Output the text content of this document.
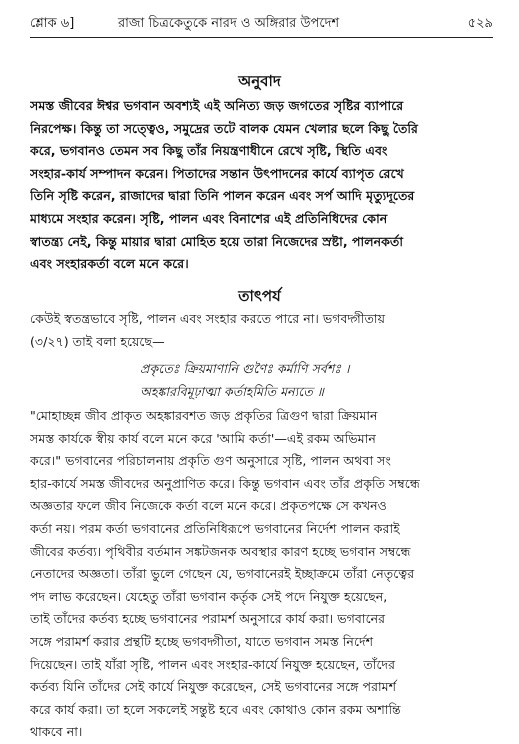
শ্লোক ৬]	রাজা চিত্রকেতুকে নারদ ও অঙ্গিরার উপদেশ	৫২৯
অনুবাদ

সমস্ত জীবের ঈশ্বর ভগবান অবশ্যই এই অনিত্য জড় জগতের সৃষ্টির ব্যাপারে
নিরপেক্ষ। কিন্তু তা সত্ত্বেও, সমুদ্রের তটে বালক যেমন খেলার ছলে কিছু তৈরি
করে, ভগবানও তেমন সব কিছু তাঁর নিয়ন্ত্রণাধীনে রেখে সৃষ্টি, স্থিতি এবং
সংহার-কার্য সম্পাদন করেন। পিতাদের সন্তান উৎপাদনের কার্যে ব্যাপৃত রেখে
তিনি সৃষ্টি করেন, রাজাদের দ্বারা তিনি পালন করেন এবং সর্প আদি মৃত্যুদূতের
মাধ্যমে সংহার করেন। সৃষ্টি, পালন এবং বিনাশের এই প্রতিনিধিদের কোন
স্বাতন্ত্র্য নেই, কিন্তু মায়ার দ্বারা মোহিত হয়ে তারা নিজেদের স্রষ্টা, পালনকর্তা
এবং সংহারকর্তা বলে মনে করে।

তাৎপর্য

কেউই স্বতন্ত্রভাবে সৃষ্টি, পালন এবং সংহার করতে পারে না। ভগবদ্গীতায়
(৩/২৭) তাই বলা হয়েছে—

প্রকৃতেঃ ক্রিয়মাণানি গুণৈঃ কর্মাণি সর্বশঃ ।
অহঙ্কারবিমূঢ়াত্মা কর্তাহমিতি মন্যতে ॥

"মোহাচ্ছন্ন জীব প্রাকৃত অহঙ্কারবশত জড় প্রকৃতির ত্রিগুণ দ্বারা ক্রিয়মান
সমস্ত কার্যকে স্বীয় কার্য বলে মনে করে 'আমি কর্তা'—এই রকম অভিমান
করে।" ভগবানের পরিচালনায় প্রকৃতি গুণ অনুসারে সৃষ্টি, পালন অথবা সং
হার-কার্যে সমস্ত জীবদের অনুপ্রাণিত করে। কিন্তু ভগবান এবং তাঁর প্রকৃতি সম্বন্ধে
অজ্ঞতার ফলে জীব নিজেকে কর্তা বলে মনে করে। প্রকৃতপক্ষে সে কখনও
কর্তা নয়। পরম কর্তা ভগবানের প্রতিনিধিরূপে ভগবানের নির্দেশ পালন করাই
জীবের কর্তব্য। পৃথিবীর বর্তমান সঙ্কটজনক অবস্থার কারণ হচ্ছে ভগবান সম্বন্ধে
নেতাদের অজ্ঞতা। তাঁরা ভুলে গেছেন যে, ভগবানেরই ইচ্ছাক্রমে তাঁরা নেতৃত্বের
পদ লাভ করেছেন। যেহেতু তাঁরা ভগবান কর্তৃক সেই পদে নিযুক্ত হয়েছেন,
তাই তাঁদের কর্তব্য হচ্ছে ভগবানের পরামর্শ অনুসারে কার্য করা। ভগবানের
সঙ্গে পরামর্শ করার প্রন্থটি হচ্ছে ভগবদ্গীতা, যাতে ভগবান সমস্ত নির্দেশ
দিয়েছেন। তাই যাঁরা সৃষ্টি, পালন এবং সংহার-কার্যে নিযুক্ত হয়েছেন, তাঁদের
কর্তব্য যিনি তাঁদের সেই কার্যে নিযুক্ত করেছেন, সেই ভগবানের সঙ্গে পরামর্শ
করে কার্য করা। তা হলে সকলেই সন্তুষ্ট হবে এবং কোথাও কোন রকম অশান্তি
থাকবে না।
